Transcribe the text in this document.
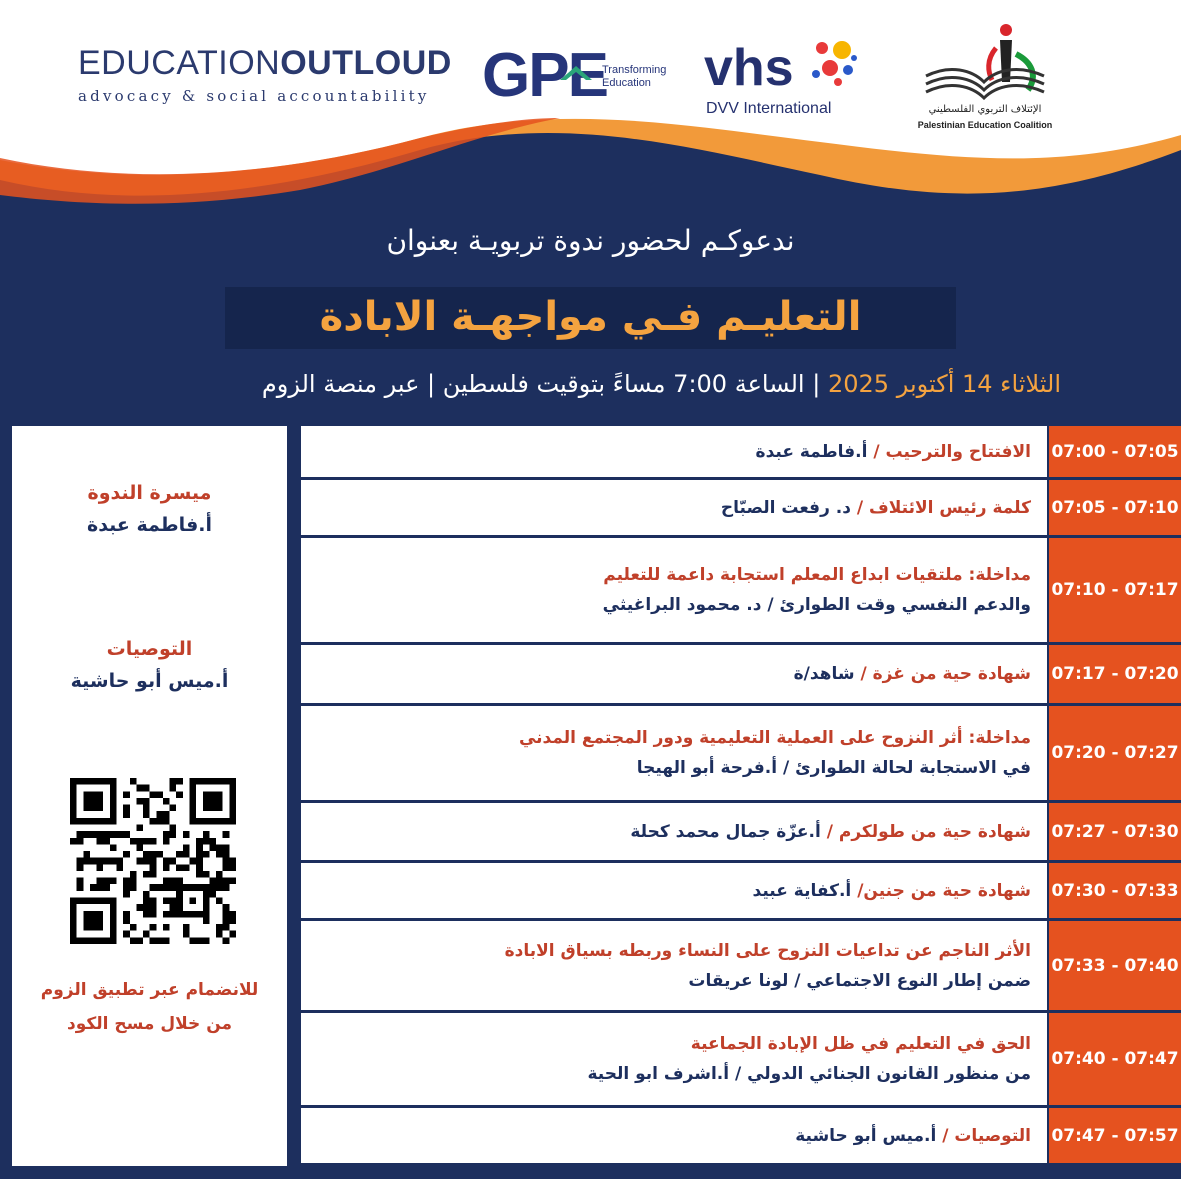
EDUCATIONOUTLOUD
advocacy & social accountability GPE
Transforming
Education vhs
DVV International	الإئتلاف التربوي الفلسطيني
Palestinian Education Coalition
ندعوكـم لحضور ندوة تربويـة بعنوان
التعليـم فـي مواجهـة الابادة
الثلاثاء 14 أكتوبر 2025 | الساعة 7:00 مساءً بتوقيت فلسطين | عبر منصة الزوم
ميسرة الندوة
أ.فاطمة عبدة
التوصيات
أ.ميس أبو حاشية
للانضمام عبر تطبيق الزوم
من خلال مسح الكود
الافتتاح والترحيب / أ.فاطمة عبدة	07:00 - 07:05
كلمة رئيس الائتلاف / د. رفعت الصبّاح	07:05 - 07:10
مداخلة: ملتقيات ابداع المعلم استجابة داعمة للتعليم
والدعم النفسي وقت الطوارئ / د. محمود البراغيثي
07:10 - 07:17
شهادة حية من غزة / شاهد/ة	07:17 - 07:20
مداخلة: أثر النزوح على العملية التعليمية ودور المجتمع المدني
في الاستجابة لحالة الطوارئ / أ.فرحة أبو الهيجا
07:20 - 07:27
شهادة حية من طولكرم / أ.عزّة جمال محمد كحلة	07:27 - 07:30
شهادة حية من جنين/ أ.كفاية عبيد	07:30 - 07:33
الأثر الناجم عن تداعيات النزوح على النساء وربطه بسياق الابادة
ضمن إطار النوع الاجتماعي / لونا عريقات
07:33 - 07:40
الحق في التعليم في ظل الإبادة الجماعية
من منظور القانون الجنائي الدولي / أ.اشرف ابو الحية
07:40 - 07:47
التوصيات / أ.ميس أبو حاشية	07:47 - 07:57
